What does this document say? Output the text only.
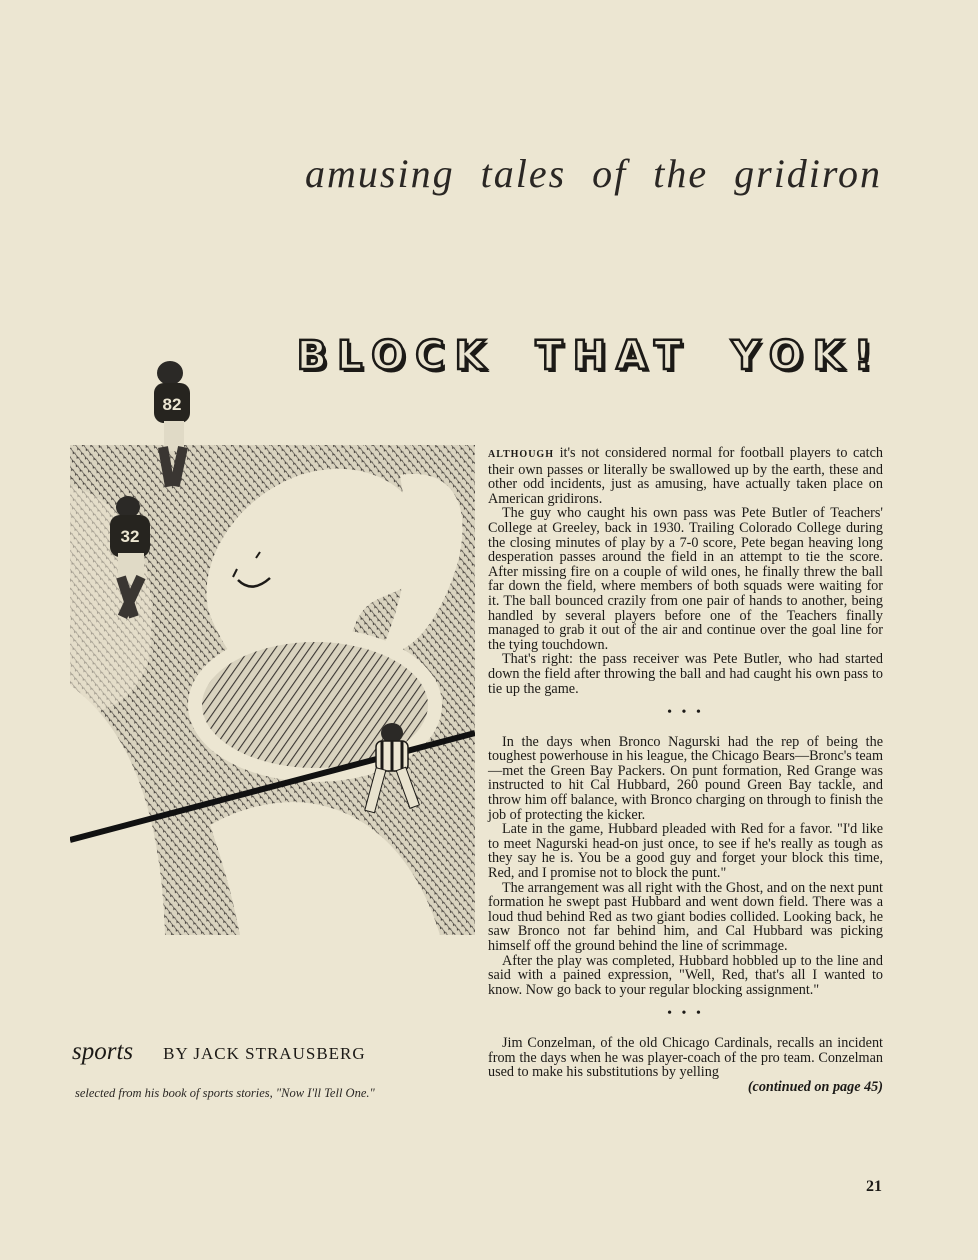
amusing tales of the gridiron
BLOCK THAT YOK!
82
32
sports BY JACK STRAUSBERG
selected from his book of sports stories, "Now I'll Tell One."

ALTHOUGH it's not considered normal for football players to catch their own passes or literally be swallowed up by the earth, these and other odd incidents, just as amusing, have actually taken place on American gridirons.

The guy who caught his own pass was Pete Butler of Teachers' College at Greeley, back in 1930. Trailing Colorado College during the closing minutes of play by a 7-0 score, Pete began heaving long desperation passes around the field in an attempt to tie the score. After missing fire on a couple of wild ones, he finally threw the ball far down the field, where members of both squads were waiting for it. The ball bounced crazily from one pair of hands to another, being handled by several players before one of the Teachers finally managed to grab it out of the air and continue over the goal line for the tying touchdown.

That's right: the pass receiver was Pete Butler, who had started down the field after throwing the ball and had caught his own pass to tie up the game.

• • •

In the days when Bronco Nagurski had the rep of being the toughest powerhouse in his league, the Chicago Bears—Bronc's team—met the Green Bay Packers. On punt formation, Red Grange was instructed to hit Cal Hubbard, 260 pound Green Bay tackle, and throw him off balance, with Bronco charging on through to finish the job of protecting the kicker.

Late in the game, Hubbard pleaded with Red for a favor. "I'd like to meet Nagurski head-on just once, to see if he's really as tough as they say he is. You be a good guy and forget your block this time, Red, and I promise not to block the punt."

The arrangement was all right with the Ghost, and on the next punt formation he swept past Hubbard and went down field. There was a loud thud behind Red as two giant bodies collided. Looking back, he saw Bronco not far behind him, and Cal Hubbard was picking himself off the ground behind the line of scrimmage.

After the play was completed, Hubbard hobbled up to the line and said with a pained expression, "Well, Red, that's all I wanted to know. Now go back to your regular blocking assignment."

• • •

Jim Conzelman, of the old Chicago Cardinals, recalls an incident from the days when he was player-coach of the pro team. Conzelman used to make his substitutions by yelling

(continued on page 45)
21
